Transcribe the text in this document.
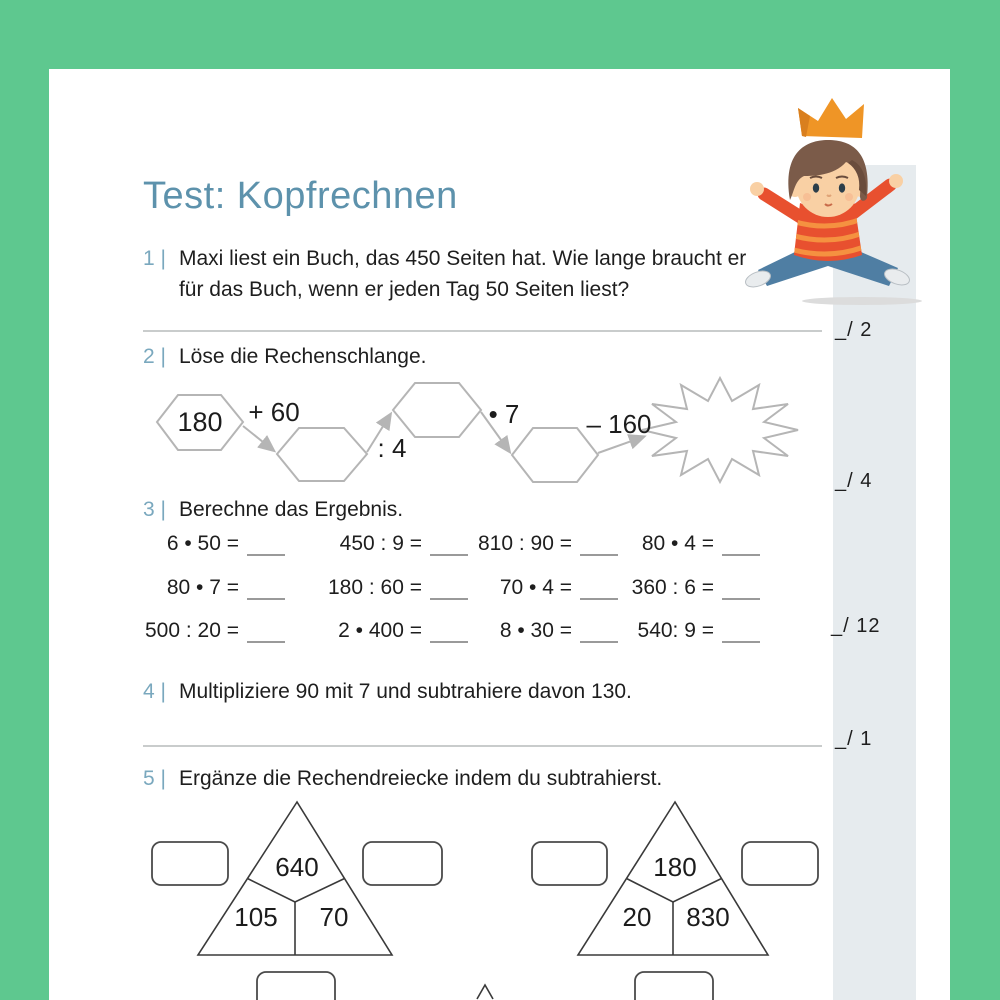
Test: Kopfrechnen
1 | Maxi liest ein Buch, das 450 Seiten hat. Wie lange braucht er
für das Buch, wenn er jeden Tag 50 Seiten liest?
2 | Löse die Rechenschlange.
180 + 60
: 4
• 7	– 160
3 | Berechne das Ergebnis.
6 • 50 =	450 : 9 =	810 : 90 =	80 • 4 =
80 • 7 =	180 : 60 =	70 • 4 =	360 : 6 =
500 : 20 =	2 • 400 =	8 • 30 =	540: 9 =
4 | Multipliziere 90 mit 7 und subtrahiere davon 130.
5 | Ergänze die Rechendreiecke indem du subtrahierst.
640
105 70
180
20 830
_/ 2
_/ 4
_/ 12
_/ 1
